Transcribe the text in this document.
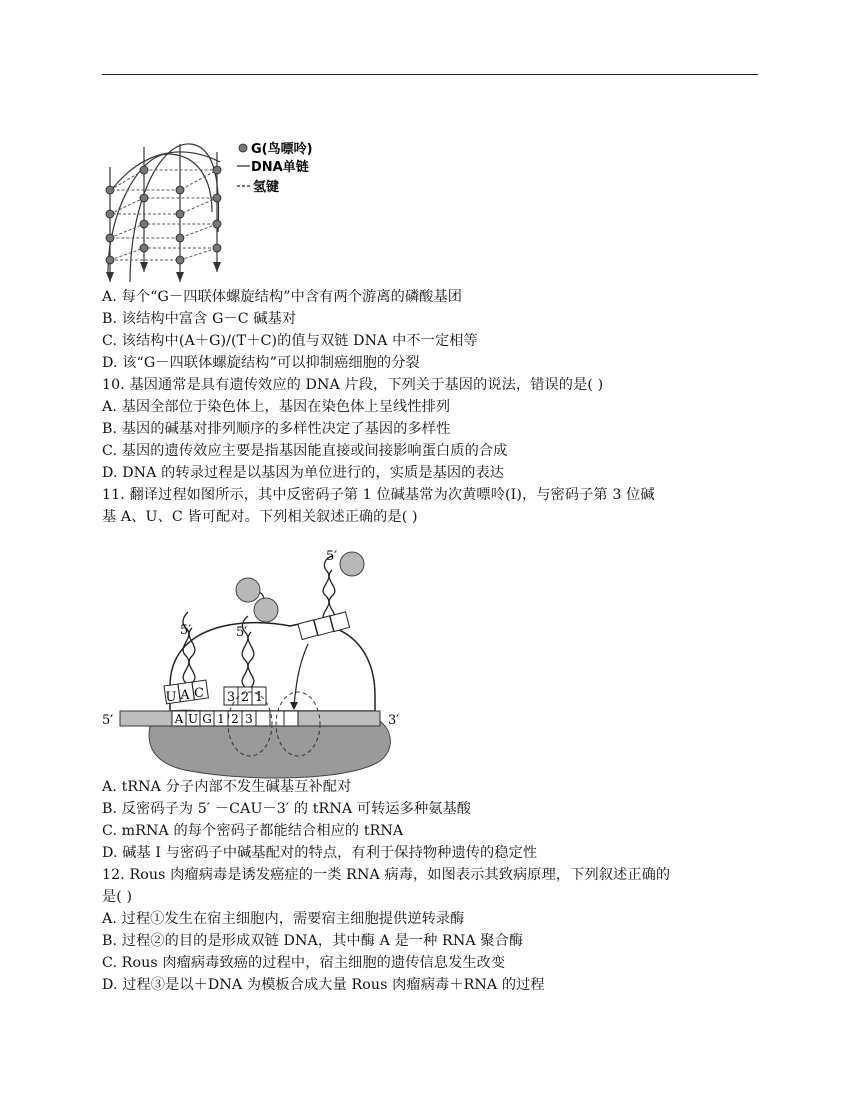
G(鸟嘌呤)
DNA单链
氢键
A. 每个“G－四联体螺旋结构”中含有两个游离的磷酸基团
B. 该结构中富含 G－C 碱基对
C. 该结构中(A＋G)/(T＋C)的值与双链 DNA 中不一定相等
D. 该“G－四联体螺旋结构”可以抑制癌细胞的分裂
10. 基因通常是具有遗传效应的 DNA 片段，下列关于基因的说法，错误的是( )
A. 基因全部位于染色体上，基因在染色体上呈线性排列
B. 基因的碱基对排列顺序的多样性决定了基因的多样性
C. 基因的遗传效应主要是指基因能直接或间接影响蛋白质的合成
D. DNA 的转录过程是以基因为单位进行的，实质是基因的表达
11. 翻译过程如图所示，其中反密码子第 1 位碱基常为次黄嘌呤(I)，与密码子第 3 位碱
基 A、U、C 皆可配对。下列相关叙述正确的是( )
A U G 1 2 3
5′	3′
U A C 3 2 1
5′	5′
5′
A. tRNA 分子内部不发生碱基互补配对
B. 反密码子为 5′ －CAU－3′ 的 tRNA 可转运多种氨基酸
C. mRNA 的每个密码子都能结合相应的 tRNA
D. 碱基 I 与密码子中碱基配对的特点，有利于保持物种遗传的稳定性
12. Rous 肉瘤病毒是诱发癌症的一类 RNA 病毒，如图表示其致病原理，下列叙述正确的
是( )
A. 过程①发生在宿主细胞内，需要宿主细胞提供逆转录酶
B. 过程②的目的是形成双链 DNA，其中酶 A 是一种 RNA 聚合酶
C. Rous 肉瘤病毒致癌的过程中，宿主细胞的遗传信息发生改变
D. 过程③是以＋DNA 为模板合成大量 Rous 肉瘤病毒＋RNA 的过程
